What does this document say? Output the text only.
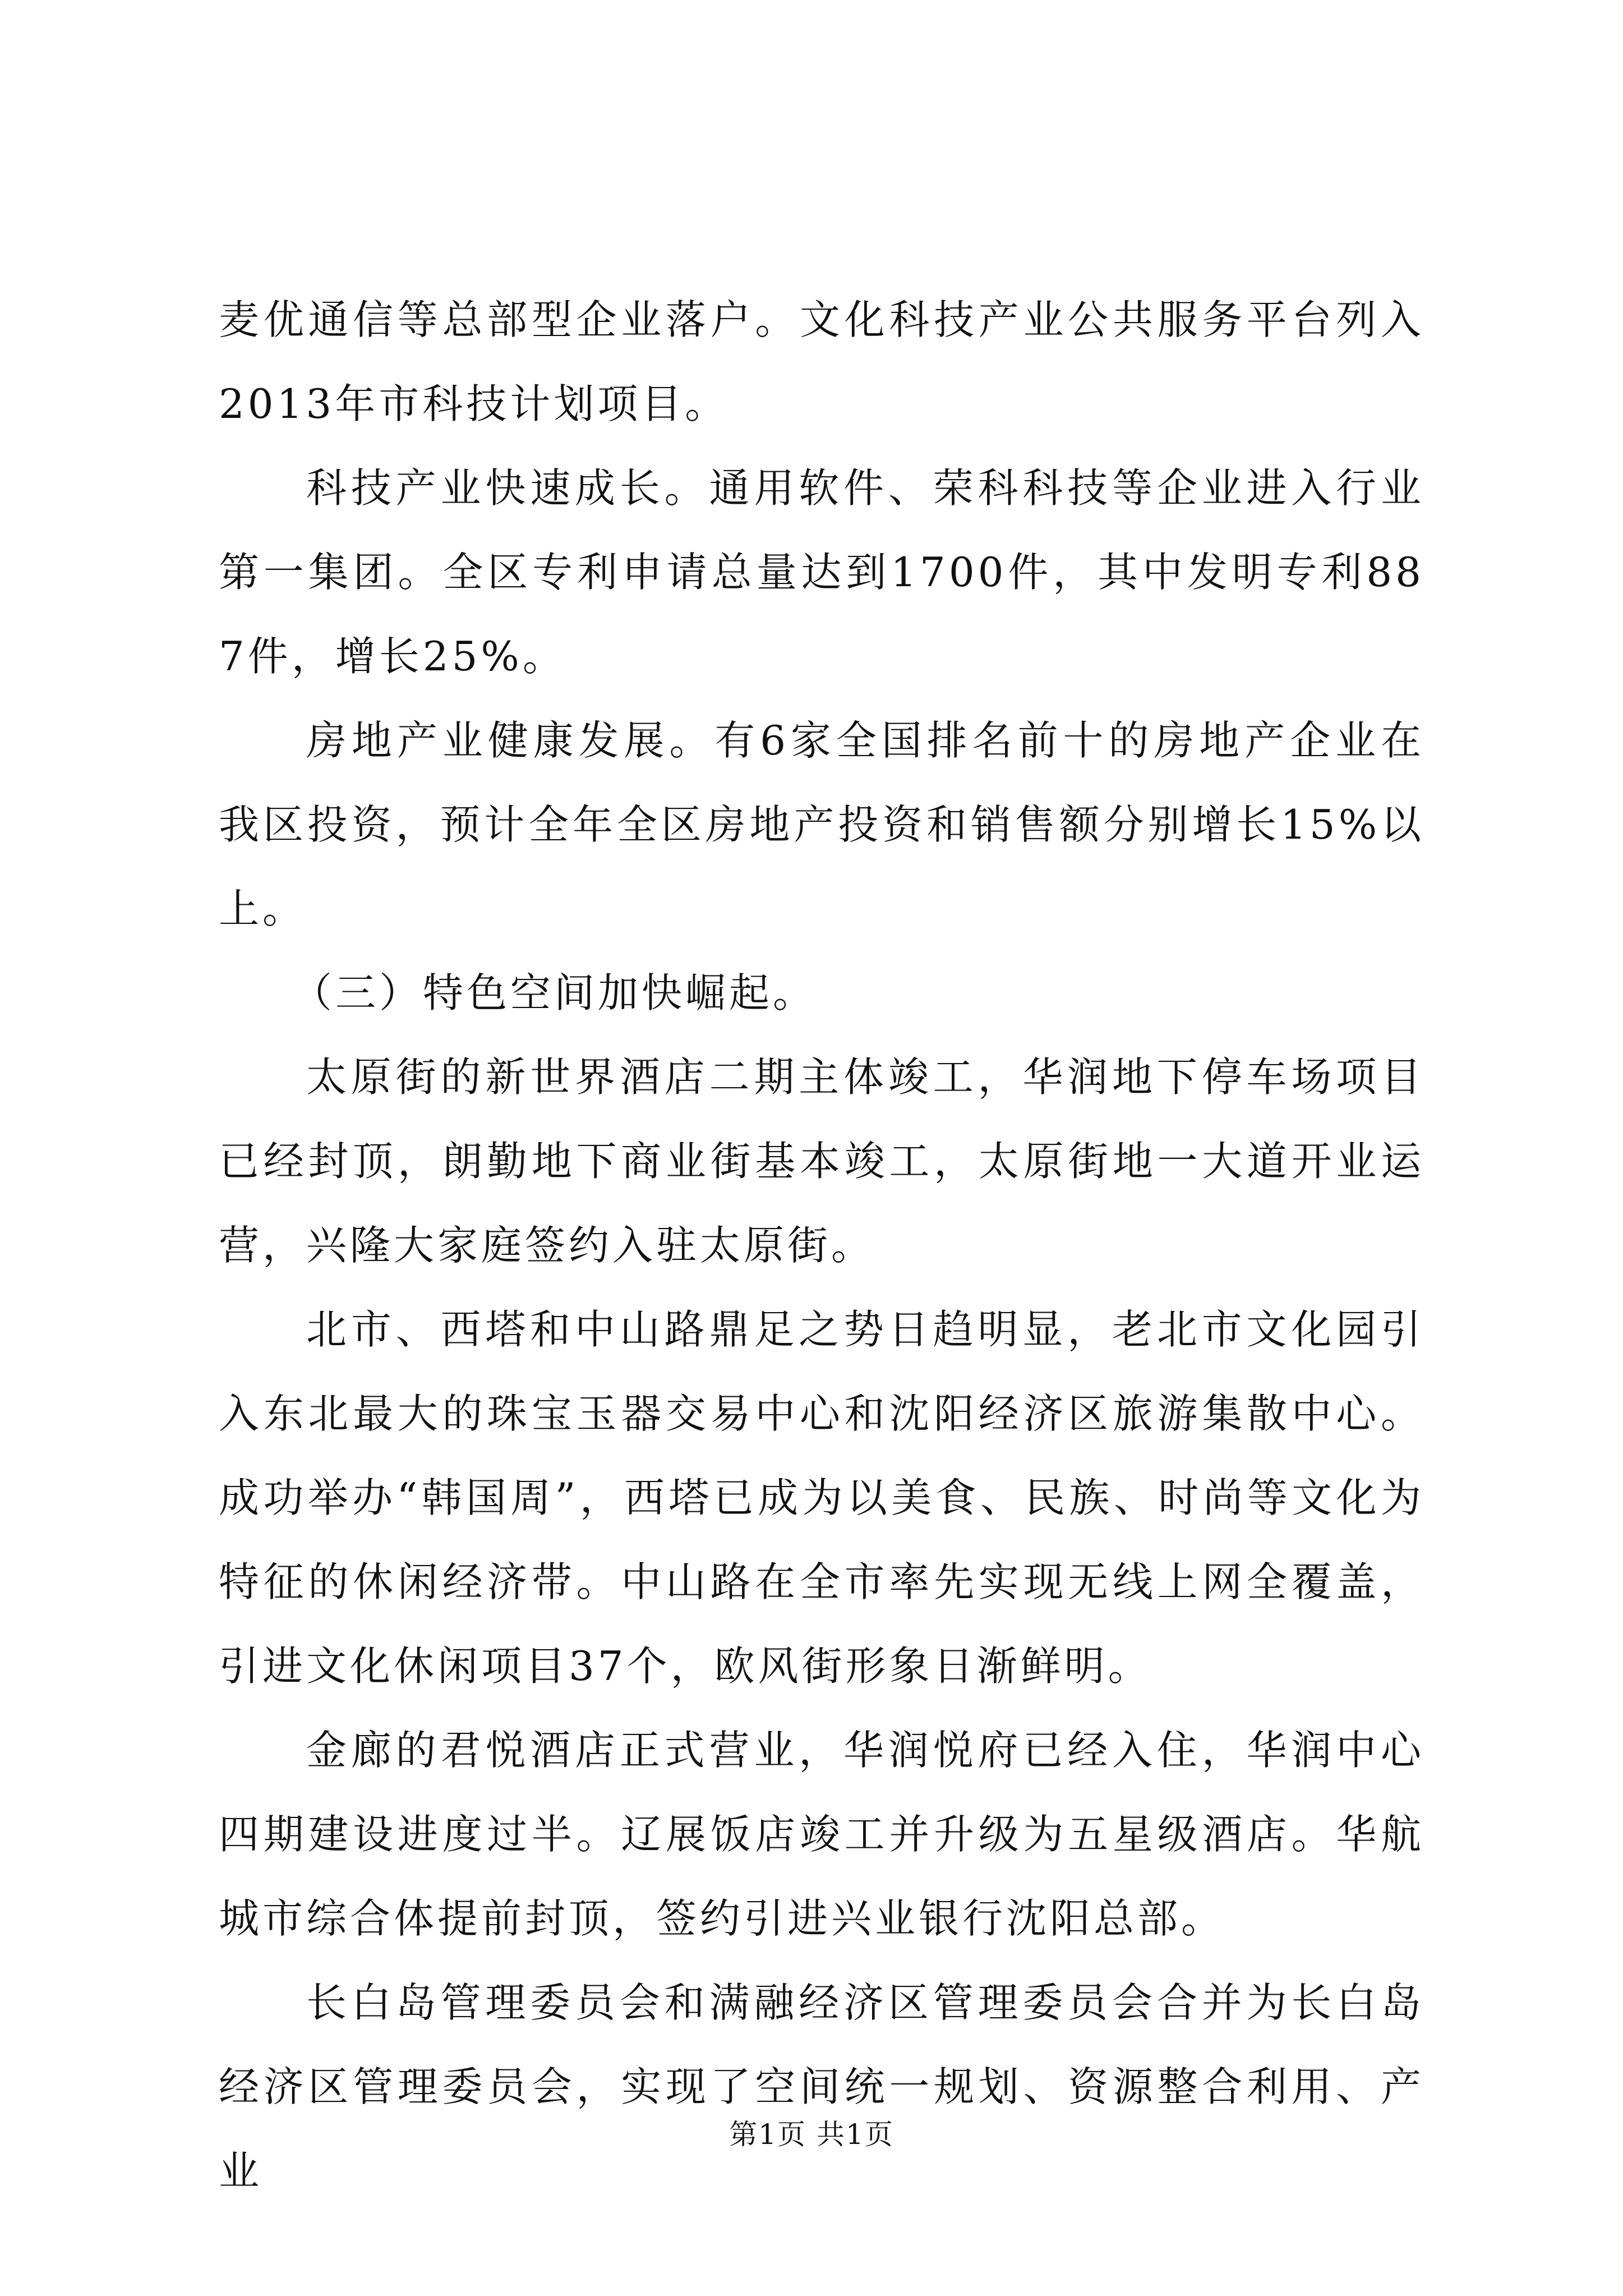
麦优通信等总部型企业落户。文化科技产业公共服务平台列入2013年市科技计划项目。

科技产业快速成长。通用软件、荣科科技等企业进入行业第一集团。全区专利申请总量达到1700件，其中发明专利887件，增长25%。

房地产业健康发展。有6家全国排名前十的房地产企业在我区投资，预计全年全区房地产投资和销售额分别增长15%以上。

（三）特色空间加快崛起。

太原街的新世界酒店二期主体竣工，华润地下停车场项目已经封顶，朗勤地下商业街基本竣工，太原街地一大道开业运营，兴隆大家庭签约入驻太原街。

北市、西塔和中山路鼎足之势日趋明显，老北市文化园引入东北最大的珠宝玉器交易中心和沈阳经济区旅游集散中心。成功举办“韩国周”，西塔已成为以美食、民族、时尚等文化为特征的休闲经济带。中山路在全市率先实现无线上网全覆盖，引进文化休闲项目37个，欧风街形象日渐鲜明。

金廊的君悦酒店正式营业，华润悦府已经入住，华润中心四期建设进度过半。辽展饭店竣工并升级为五星级酒店。华航城市综合体提前封顶，签约引进兴业银行沈阳总部。

长白岛管理委员会和满融经济区管理委员会合并为长白岛经济区管理委员会，实现了空间统一规划、资源整合利用、产业

第1页 共1页
